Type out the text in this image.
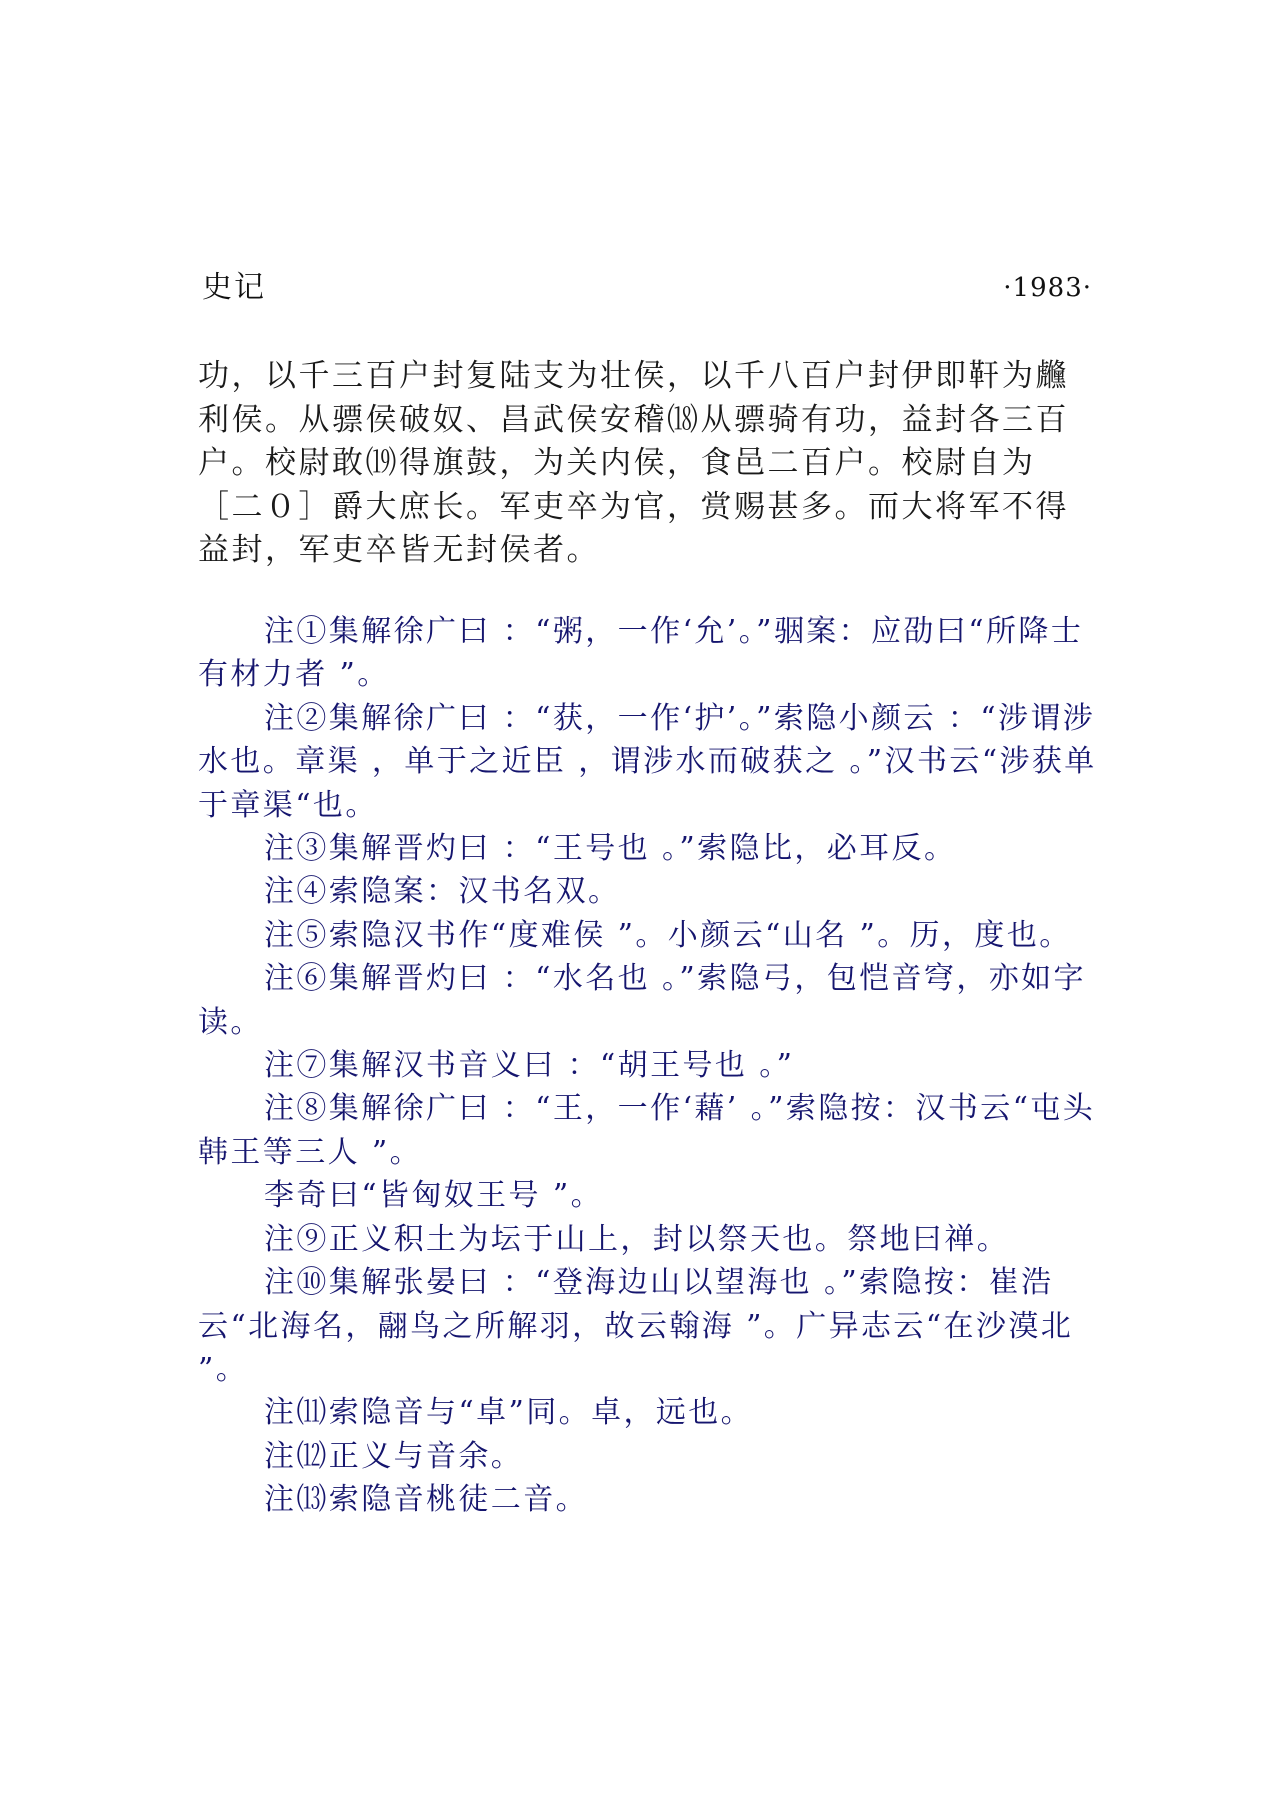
史记	·1983·

功，以千三百户封复陆支为壮侯，以千八百户封伊即靬为虪利侯。从骠侯破奴、昌武侯安稽⒅从骠骑有功，益封各三百户。校尉敢⒆得旗鼓，为关内侯，食邑二百户。校尉自为［二０］爵大庶长。军吏卒为官，赏赐甚多。而大将军不得益封，军吏卒皆无封侯者。

注①集解徐广曰 ：“粥，一作‘允’。”骃案：应劭曰“所降士有材力者 ”。
注②集解徐广曰 ：“获，一作‘护’。”索隐小颜云 ：“涉谓涉水也。章渠 ，单于之近臣 ，谓涉水而破获之 。”汉书云“涉获单于章渠“也。
注③集解晋灼曰 ：“王号也 。”索隐比，必耳反。
注④索隐案：汉书名双。
注⑤索隐汉书作“度难侯 ”。小颜云“山名 ”。历，度也。
注⑥集解晋灼曰 ：“水名也 。”索隐弓，包恺音穹，亦如字读。
注⑦集解汉书音义曰 ：“胡王号也 。”
注⑧集解徐广曰 ：“王，一作‘藉’ 。”索隐按：汉书云“屯头韩王等三人 ”。
李奇曰“皆匈奴王号 ”。
注⑨正义积土为坛于山上，封以祭天也。祭地曰禅。
注⑩集解张晏曰 ：“登海边山以望海也 。”索隐按：崔浩云“北海名，翮鸟之所解羽，故云翰海 ”。广异志云“在沙漠北 ”。
注⑾索隐音与“卓”同。卓，远也。
注⑿正义与音余。
注⒀索隐音桃徒二音。
